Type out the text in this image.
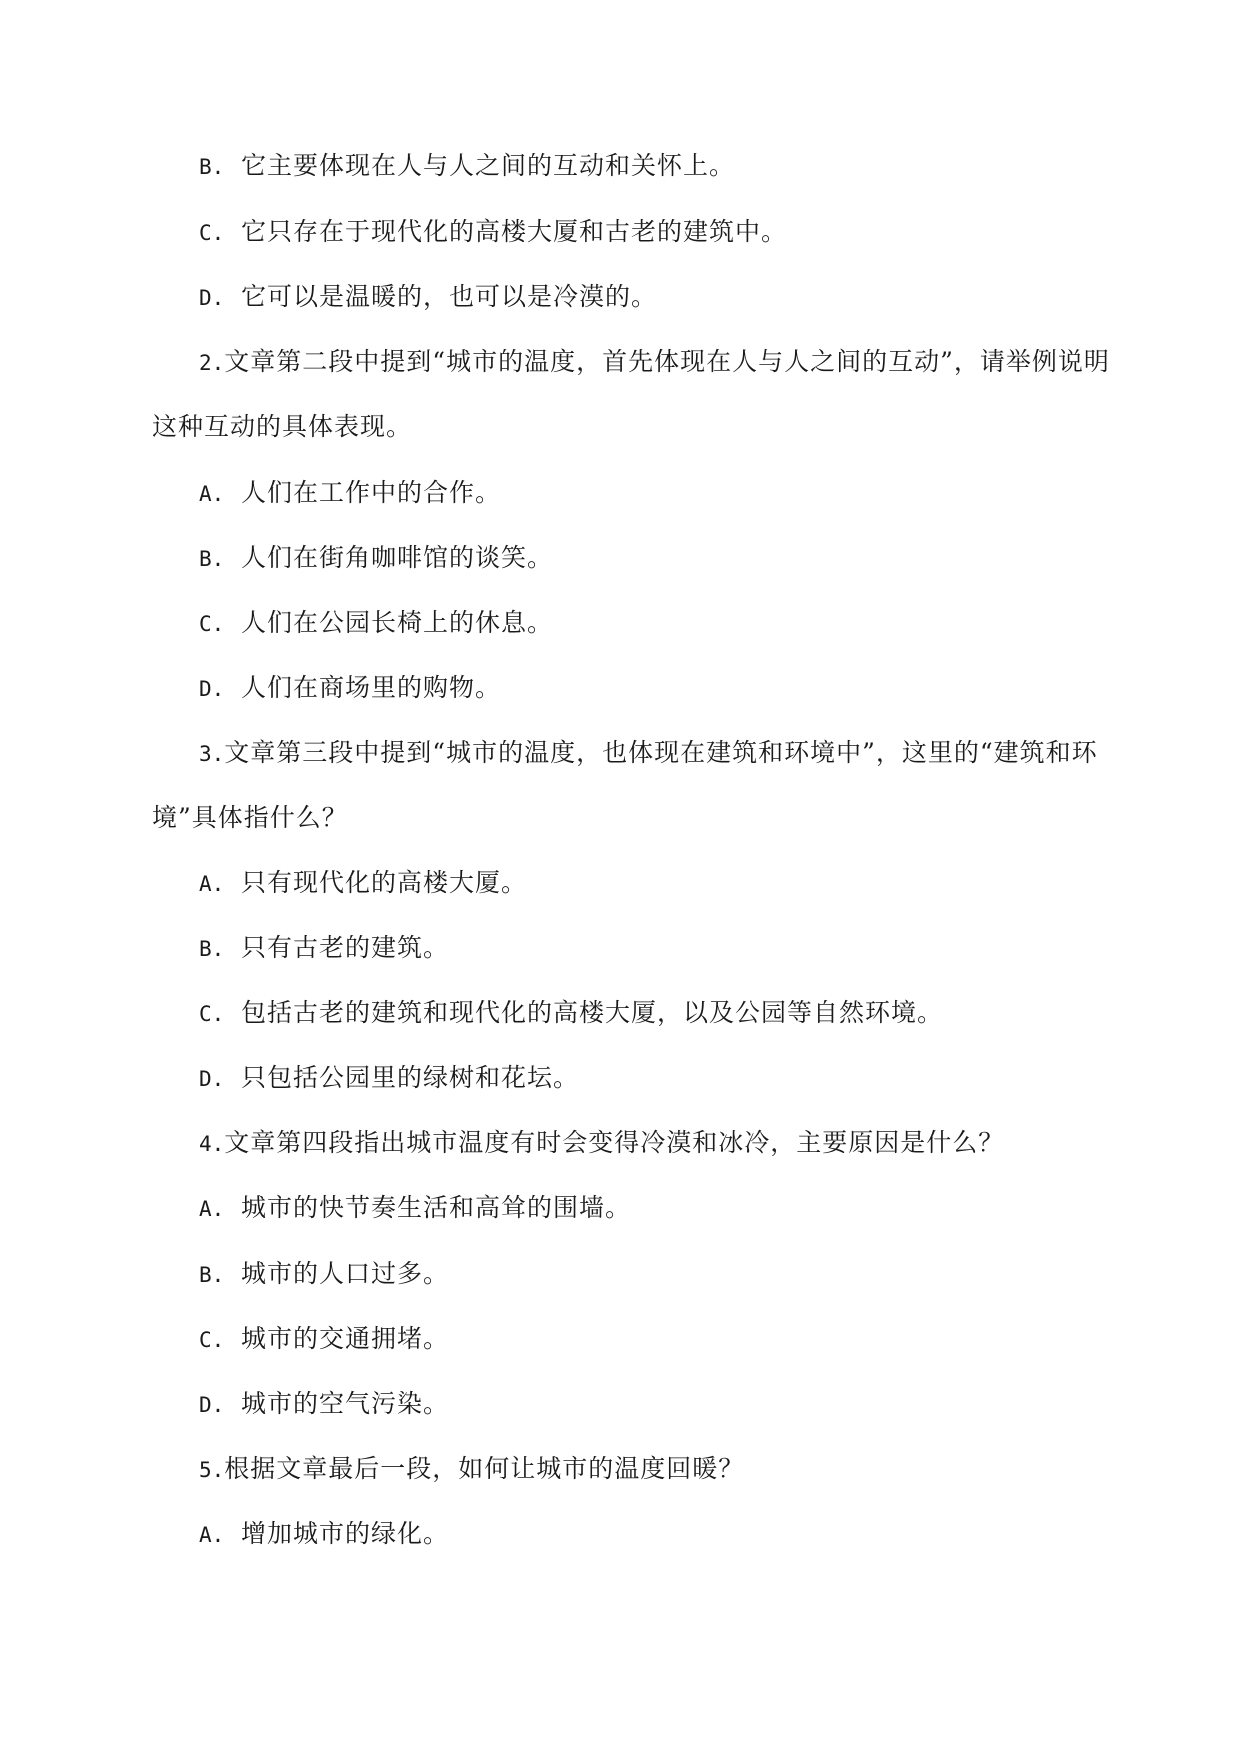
B. 它主要体现在人与人之间的互动和关怀上。
C. 它只存在于现代化的高楼大厦和古老的建筑中。
D. 它可以是温暖的，也可以是冷漠的。
2.文章第二段中提到“城市的温度，首先体现在人与人之间的互动”，请举例说明
这种互动的具体表现。
A. 人们在工作中的合作。
B. 人们在街角咖啡馆的谈笑。
C. 人们在公园长椅上的休息。
D. 人们在商场里的购物。
3.文章第三段中提到“城市的温度，也体现在建筑和环境中”，这里的“建筑和环
境”具体指什么？
A. 只有现代化的高楼大厦。
B. 只有古老的建筑。
C. 包括古老的建筑和现代化的高楼大厦，以及公园等自然环境。
D. 只包括公园里的绿树和花坛。
4.文章第四段指出城市温度有时会变得冷漠和冰冷，主要原因是什么？
A. 城市的快节奏生活和高耸的围墙。
B. 城市的人口过多。
C. 城市的交通拥堵。
D. 城市的空气污染。
5.根据文章最后一段，如何让城市的温度回暖？
A. 增加城市的绿化。
